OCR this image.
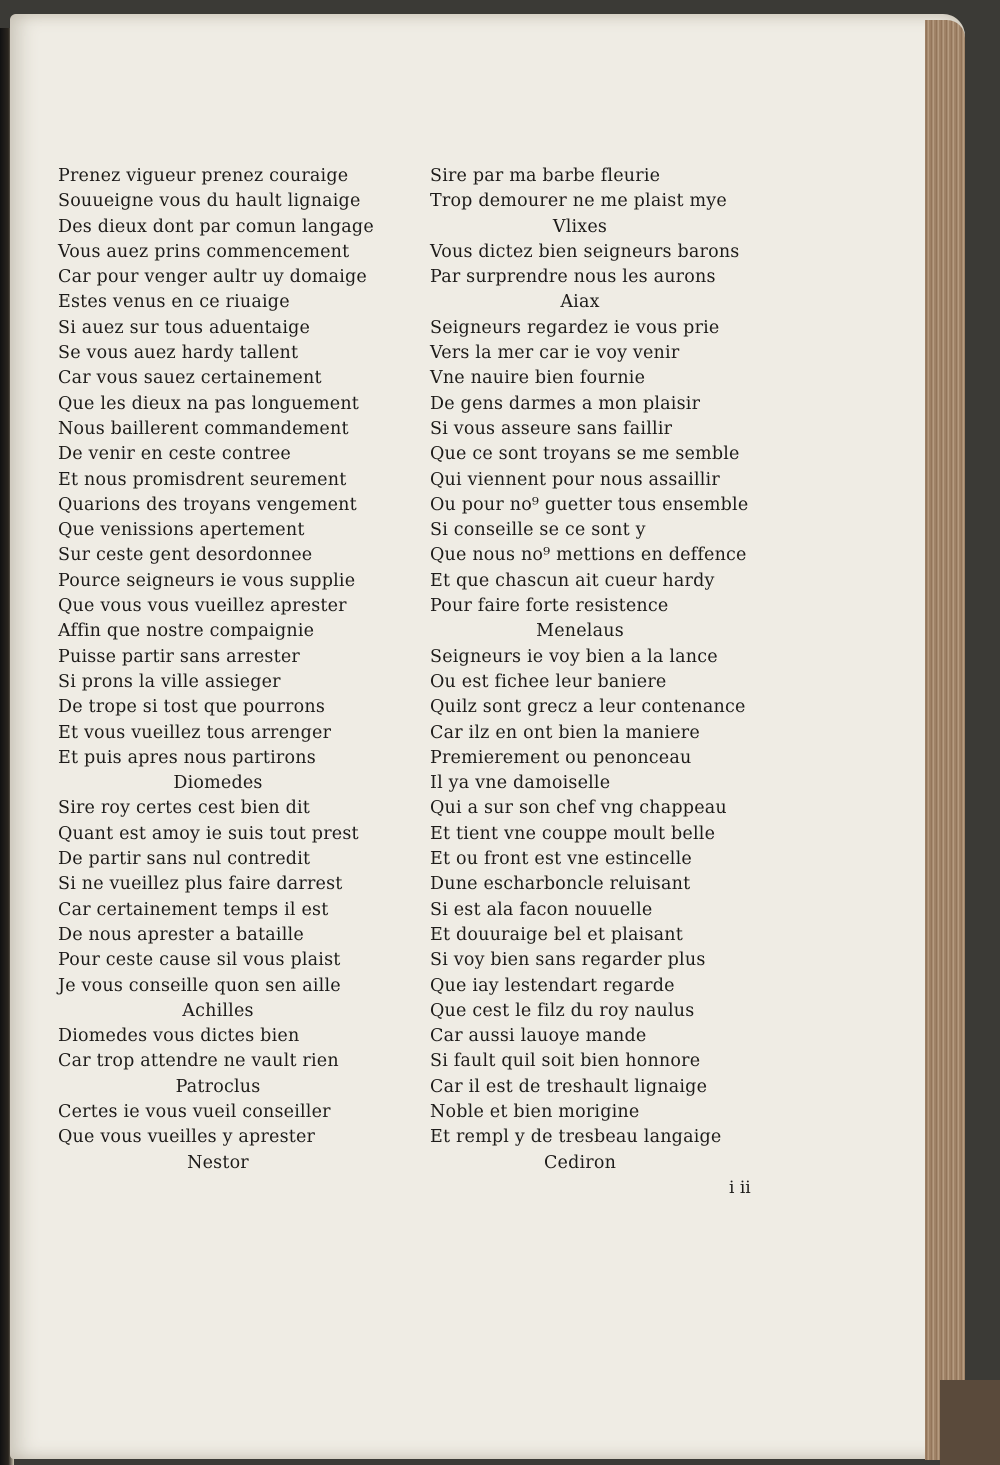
Prenez vigueur prenez couraige
Souueigne vous du hault lignaige
Des dieux dont par comun langage
Vous auez prins commencement
Car pour venger aultr uy domaige
Estes venus en ce riuaige
Si auez sur tous aduentaige
Se vous auez hardy tallent
Car vous sauez certainement
Que les dieux na pas longuement
Nous baillerent commandement
De venir en ceste contree
Et nous promisdrent seurement
Quarions des troyans vengement
Que venissions apertement
Sur ceste gent desordonnee
Pource seigneurs ie vous supplie
Que vous vous vueillez aprester
Affin que nostre compaignie
Puisse partir sans arrester
Si prons la ville assieger
De trope si tost que pourrons
Et vous vueillez tous arrenger
Et puis apres nous partirons
Diomedes
Sire roy certes cest bien dit
Quant est amoy ie suis tout prest
De partir sans nul contredit
Si ne vueillez plus faire darrest
Car certainement temps il est
De nous aprester a bataille
Pour ceste cause sil vous plaist
Je vous conseille quon sen aille
Achilles
Diomedes vous dictes bien
Car trop attendre ne vault rien
Patroclus
Certes ie vous vueil conseiller
Que vous vueilles y aprester
Nestor
Sire par ma barbe fleurie
Trop demourer ne me plaist mye
Vlixes
Vous dictez bien seigneurs barons
Par surprendre nous les aurons
Aiax
Seigneurs regardez ie vous prie
Vers la mer car ie voy venir
Vne nauire bien fournie
De gens darmes a mon plaisir
Si vous asseure sans faillir
Que ce sont troyans se me semble
Qui viennent pour nous assaillir
Ou pour no⁹ guetter tous ensemble
Si conseille se ce sont y
Que nous no⁹ mettions en deffence
Et que chascun ait cueur hardy
Pour faire forte resistence
Menelaus
Seigneurs ie voy bien a la lance
Ou est fichee leur baniere
Quilz sont grecz a leur contenance
Car ilz en ont bien la maniere
Premierement ou penonceau
Il ya vne damoiselle
Qui a sur son chef vng chappeau
Et tient vne couppe moult belle
Et ou front est vne estincelle
Dune escharboncle reluisant
Si est ala facon nouuelle
Et douuraige bel et plaisant
Si voy bien sans regarder plus
Que iay lestendart regarde
Que cest le filz du roy naulus
Car aussi lauoye mande
Si fault quil soit bien honnore
Car il est de treshault lignaige
Noble et bien morigine
Et rempl y de tresbeau langaige
Cediron
i ii
